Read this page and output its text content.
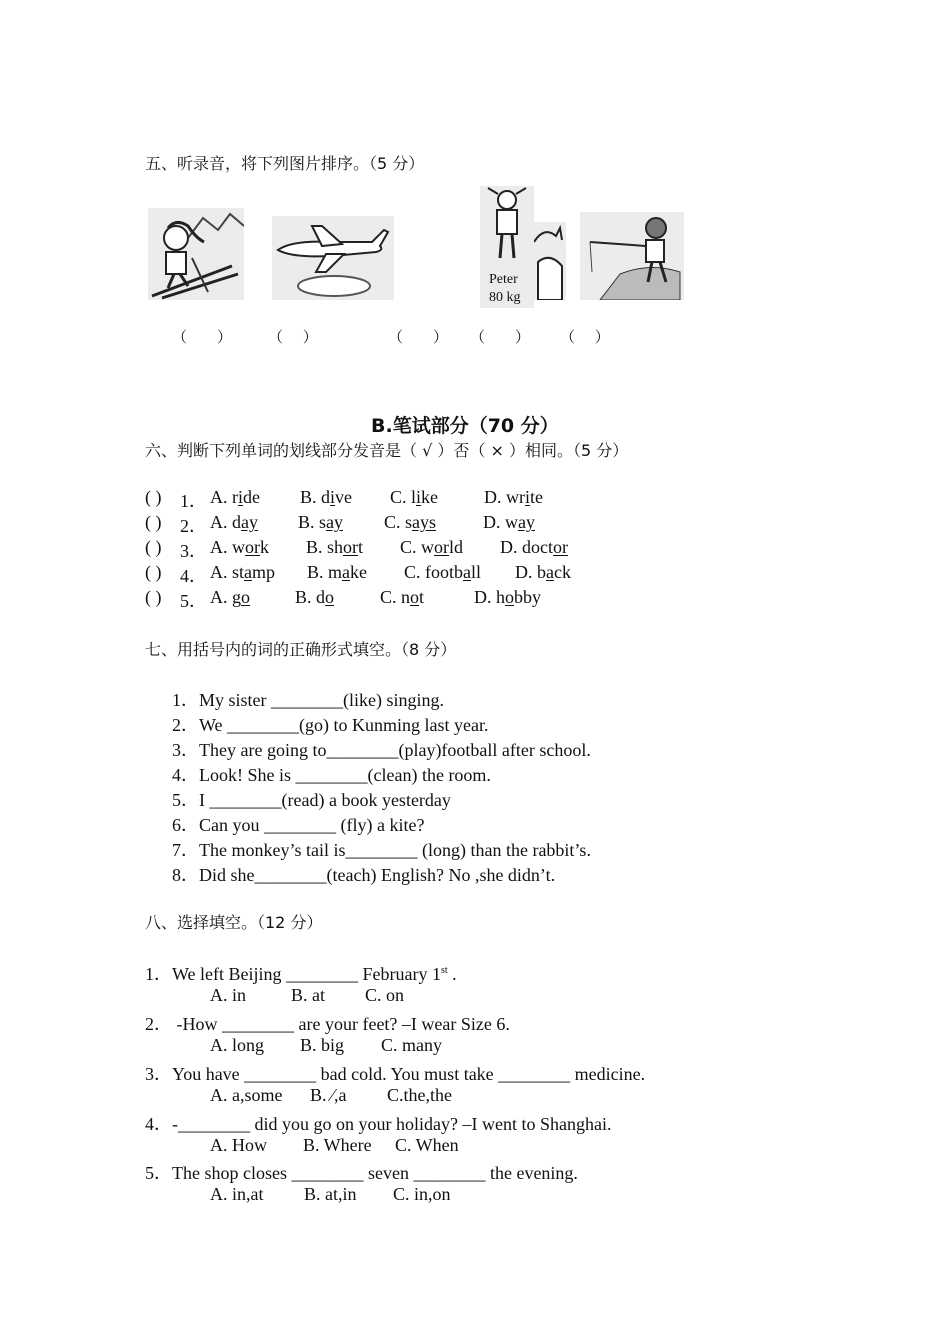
五、听录音，将下列图片排序。（5 分）
Peter
80 kg
（　　） （　 ）	（　　） （　　） （　 ）
B.笔试部分（70 分）
六、判断下列单词的划线部分发音是（ √ ）否（ × ）相同。（5 分）
( ) 1． A. ride B. dive C. like	D. write
( ) 2． A. day B. say C. says	D. way
( ) 3． A. work B. short C. world D. doctor
( ) 4． A. stamp B. make C. football D. back
( ) 5． A. go	B. do	C. not	D. hobby
七、用括号内的词的正确形式填空。（8 分）
1．My sister ________(like) singing.
2．We ________(go) to Kunming last year.
3．They are going to________(play)football after school.
4．Look! She is ________(clean) the room.
5．I ________(read) a book yesterday
6．Can you ________ (fly) a kite?
7．The monkey’s tail is________ (long) than the rabbit’s.
8．Did she________(teach) English? No ,she didn’t.
八、选择填空。（12 分）
1．We left Beijing ________ February 1st .
A. in	B. at C. on
2． -How ________ are your feet? –I wear Size 6.
A. long B. big C. many
3．You have ________ bad cold. You must take ________ medicine.
A. a,some B. ⁄,a C.the,the
4．-________ did you go on your holiday? –I went to Shanghai.
A. How B. Where C. When
5．The shop closes ________ seven ________ the evening.
A. in,at B. at,in C. in,on
